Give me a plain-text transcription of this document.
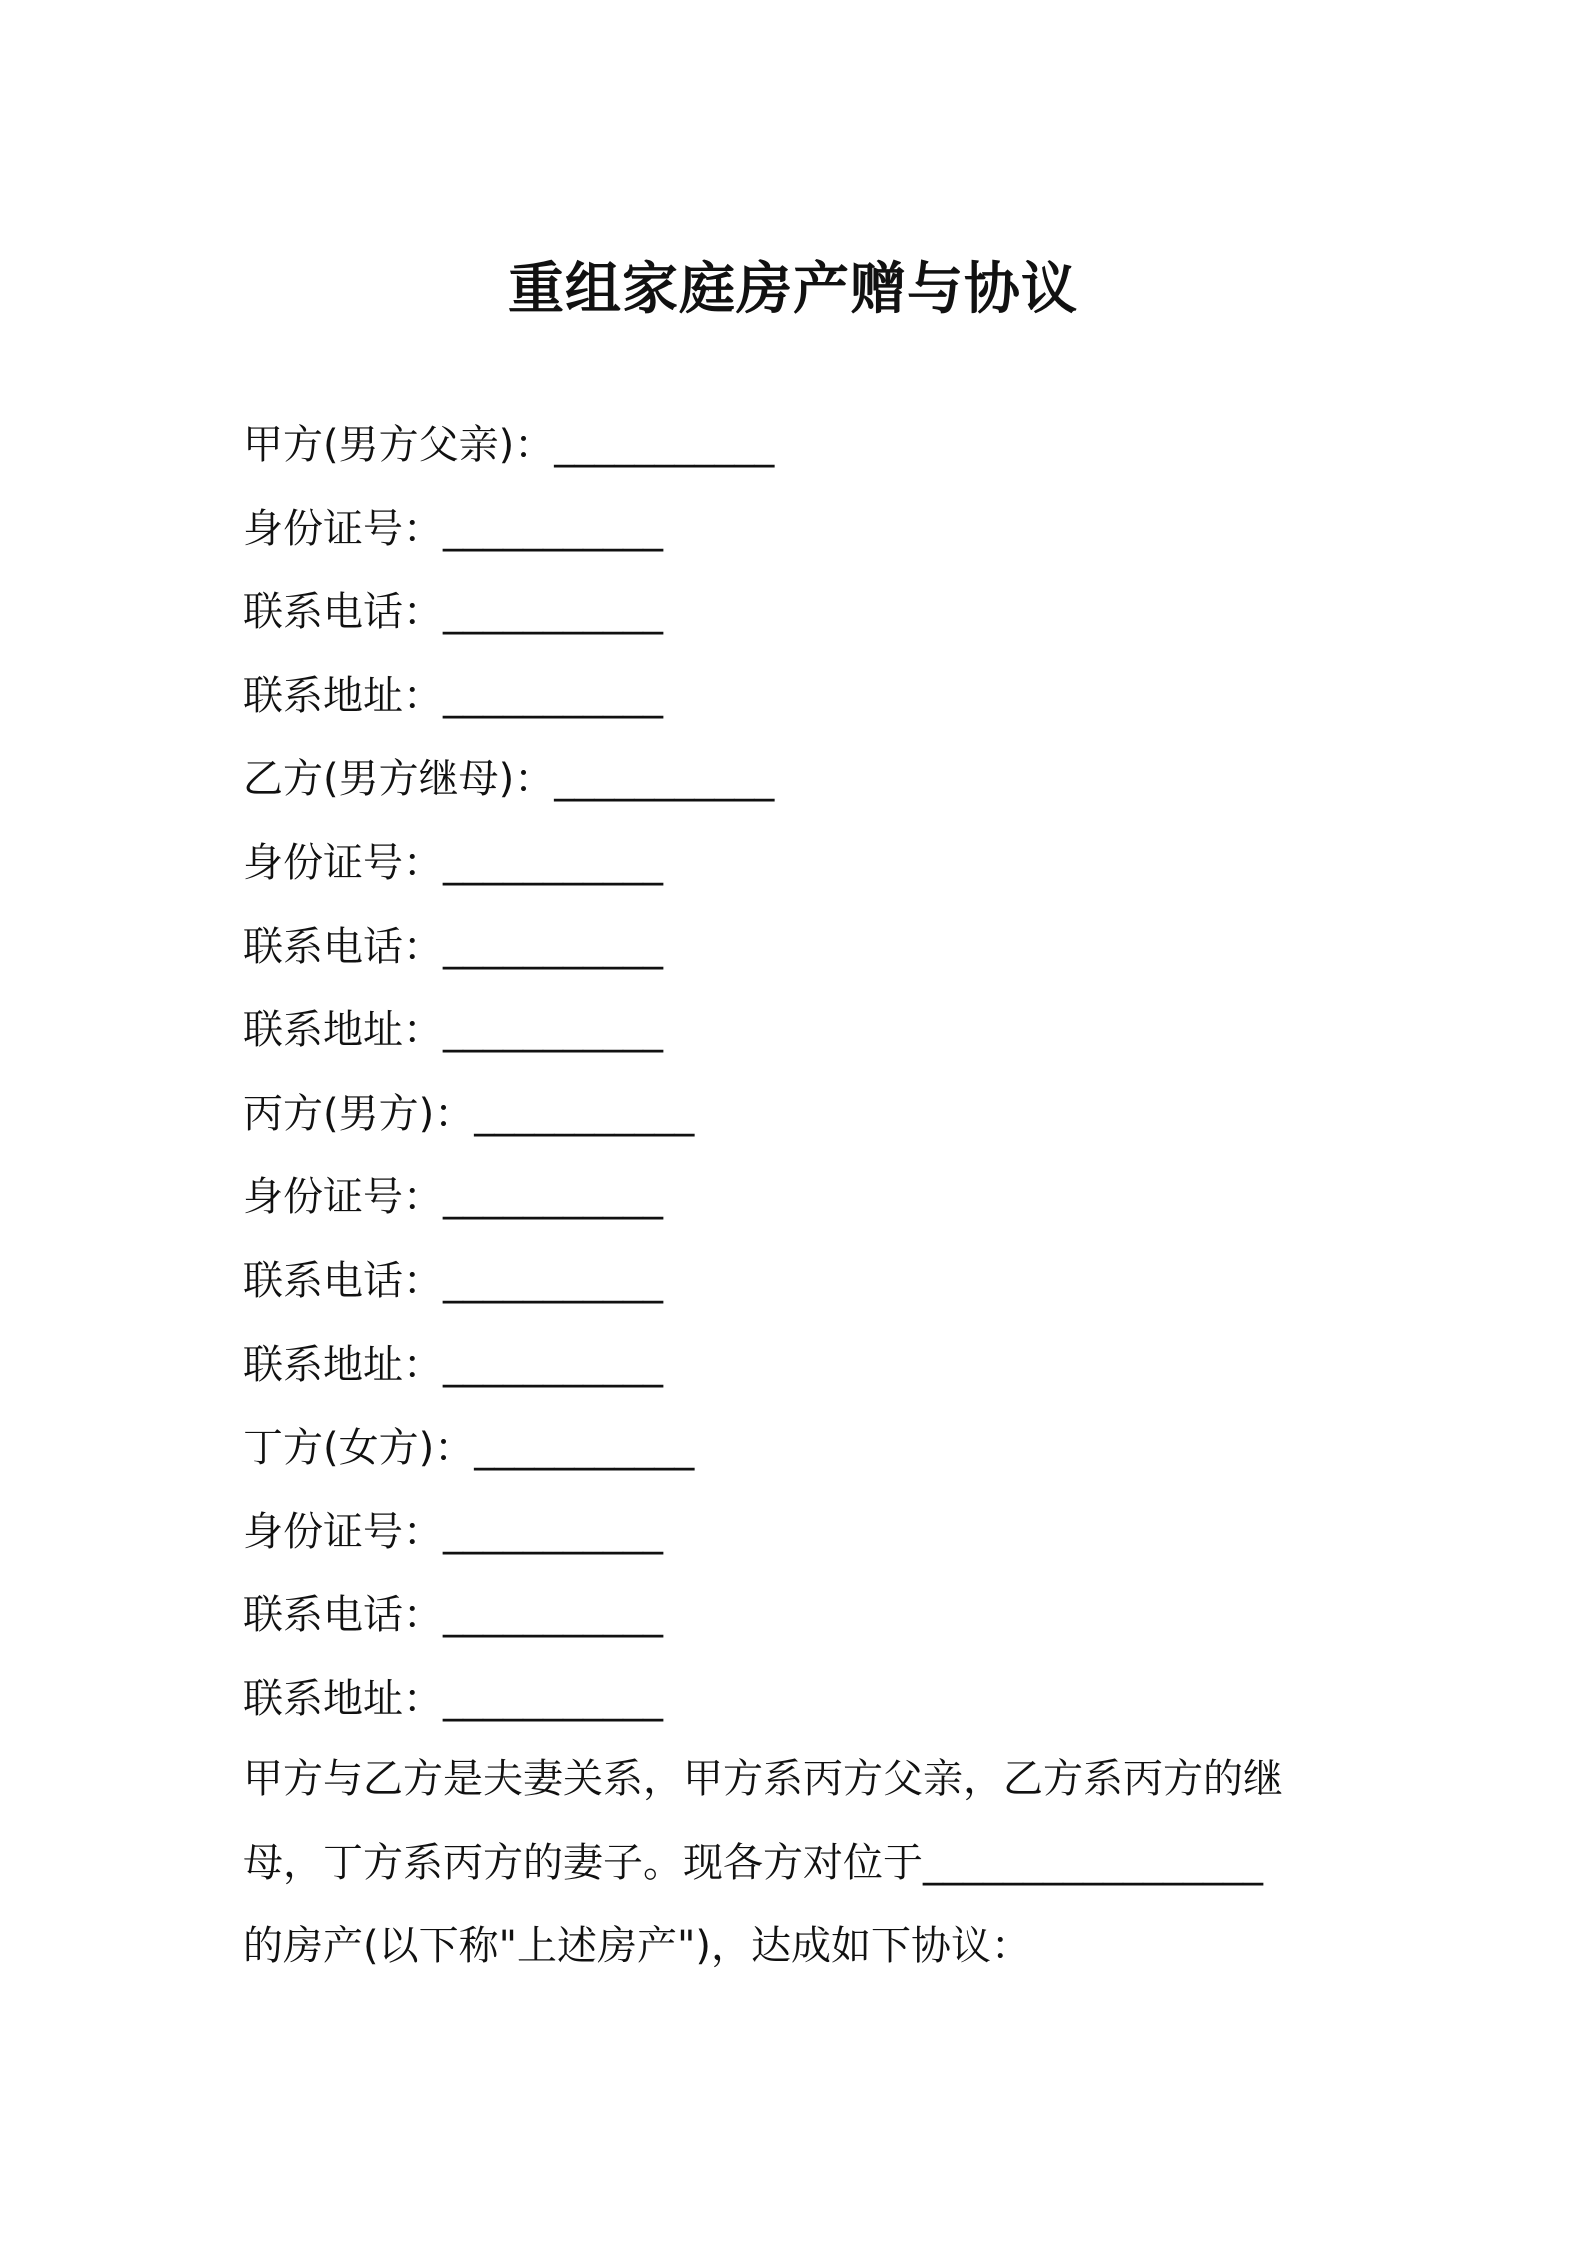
重组家庭房产赠与协议
甲方(男方父亲)：___________
身份证号：___________
联系电话：___________
联系地址：___________
乙方(男方继母)：___________
身份证号：___________
联系电话：___________
联系地址：___________
丙方(男方)：___________
身份证号：___________
联系电话：___________
联系地址：___________
丁方(女方)：___________
身份证号：___________
联系电话：___________
联系地址：___________
甲方与乙方是夫妻关系，甲方系丙方父亲，乙方系丙方的继
母，丁方系丙方的妻子。现各方对位于_________________
的房产(以下称"上述房产")，达成如下协议：
